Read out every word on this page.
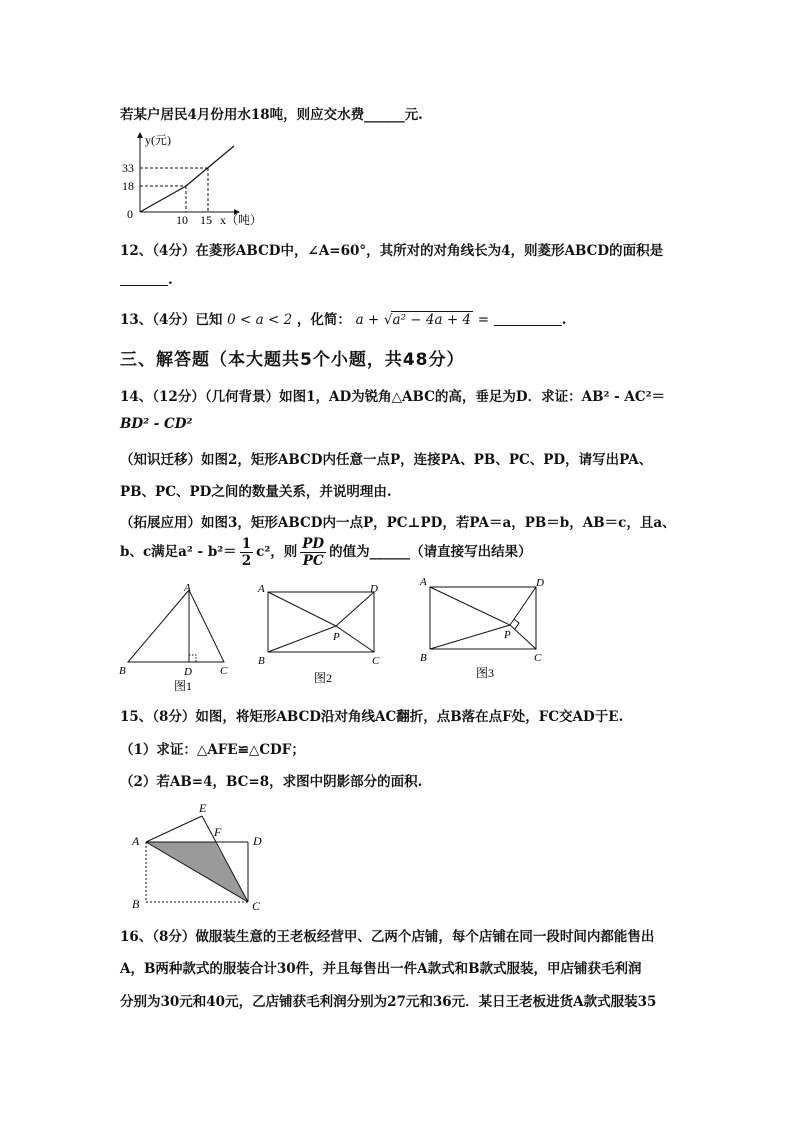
若某户居民4月份用水18吨，则应交水费______元.
y(元)
33
18
0	10 15 x（吨）
12、（4分）在菱形ABCD中，∠A=60°，其所对的对角线长为4，则菱形ABCD的面积是
.
13、（4分）已知 0 < a < 2 ，化简： a + √a² − 4a + 4 =	.
三、解答题（本大题共5个小题，共48分）
14、（12分）（几何背景）如图1，AD为锐角△ABC的高，垂足为D．求证：AB² - AC²＝
BD² - CD²
（知识迁移）如图2，矩形ABCD内任意一点P，连接PA、PB、PC、PD，请写出PA、
PB、PC、PD之间的数量关系，并说明理由.
（拓展应用）如图3，矩形ABCD内一点P，PC⊥PD，若PA＝a，PB＝b，AB＝c，且a、
b、c满足$a^2 - b^2= \frac{1}{2} c^2$，则 $\frac{PD}{PC}$ 的值为______（请直接写出结果）
A
B	D	C
图1
A	D
P
B	C
图2
A	D
P
B	C
图3
15、（8分）如图，将矩形ABCD沿对角线AC翻折，点B落在点F处，FC交AD于E.
（1）求证：△AFE≌△CDF；
（2）若AB=4，BC=8，求图中阴影部分的面积.
E
F
A	D
B	C
16、（8分）做服装生意的王老板经营甲、乙两个店铺，每个店铺在同一段时间内都能售出
A，B两种款式的服装合计30件，并且每售出一件A款式和B款式服装，甲店铺获毛利润
分别为30元和40元，乙店铺获毛利润分别为27元和36元．某日王老板进货A款式服装35
